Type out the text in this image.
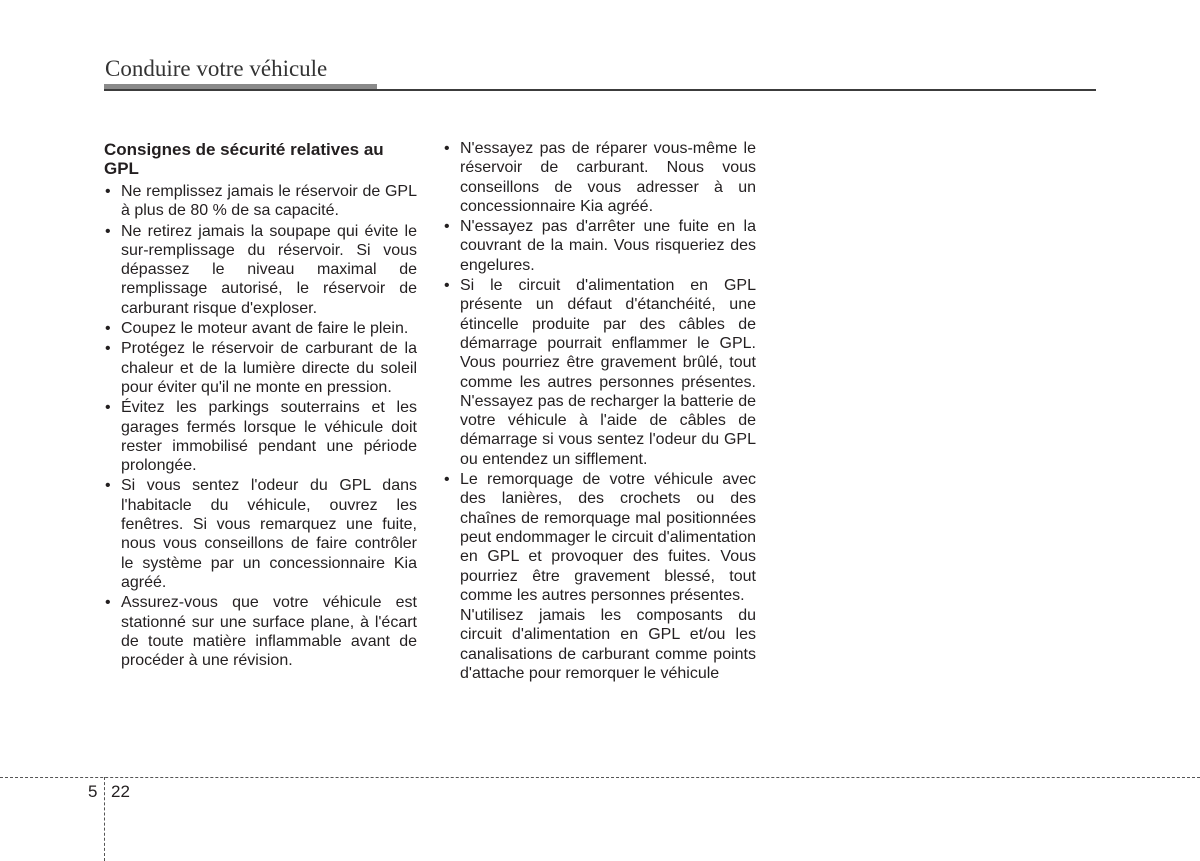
Conduire votre véhicule
Consignes de sécurité relatives au GPL
• Ne remplissez jamais le réservoir de GPL à plus de 80 % de sa capacité.
• Ne retirez jamais la soupape qui évite le sur-remplissage du réservoir. Si vous dépassez le niveau maximal de remplissage autorisé, le réservoir de carburant risque d'exploser.
• Coupez le moteur avant de faire le plein.
• Protégez le réservoir de carburant de la chaleur et de la lumière directe du soleil pour éviter qu'il ne monte en pression.
• Évitez les parkings souterrains et les garages fermés lorsque le véhicule doit rester immobilisé pendant une période prolongée.
• Si vous sentez l'odeur du GPL dans l'habitacle du véhicule, ouvrez les fenêtres. Si vous remarquez une fuite, nous vous conseillons de faire contrôler le système par un concessionnaire Kia agréé.
• Assurez-vous que votre véhicule est stationné sur une surface plane, à l'écart de toute matière inflammable avant de procéder à une révision.
• N'essayez pas de réparer vous-même le réservoir de carburant. Nous vous conseillons de vous adresser à un concessionnaire Kia agréé.
• N'essayez pas d'arrêter une fuite en la couvrant de la main. Vous risqueriez des engelures.
• Si le circuit d'alimentation en GPL présente un défaut d'étanchéité, une étincelle produite par des câbles de démarrage pourrait enflammer le GPL. Vous pourriez être gravement brûlé, tout comme les autres personnes présentes. N'essayez pas de recharger la batterie de votre véhicule à l'aide de câbles de démarrage si vous sentez l'odeur du GPL ou entendez un sifflement.
• Le remorquage de votre véhicule avec des lanières, des crochets ou des chaînes de remorquage mal positionnées peut endommager le circuit d'alimentation en GPL et provoquer des fuites. Vous pourriez être gravement blessé, tout comme les autres personnes présentes.
N'utilisez jamais les composants du circuit d'alimentation en GPL et/ou les canalisations de carburant comme points d'attache pour remorquer le véhicule
5 22
